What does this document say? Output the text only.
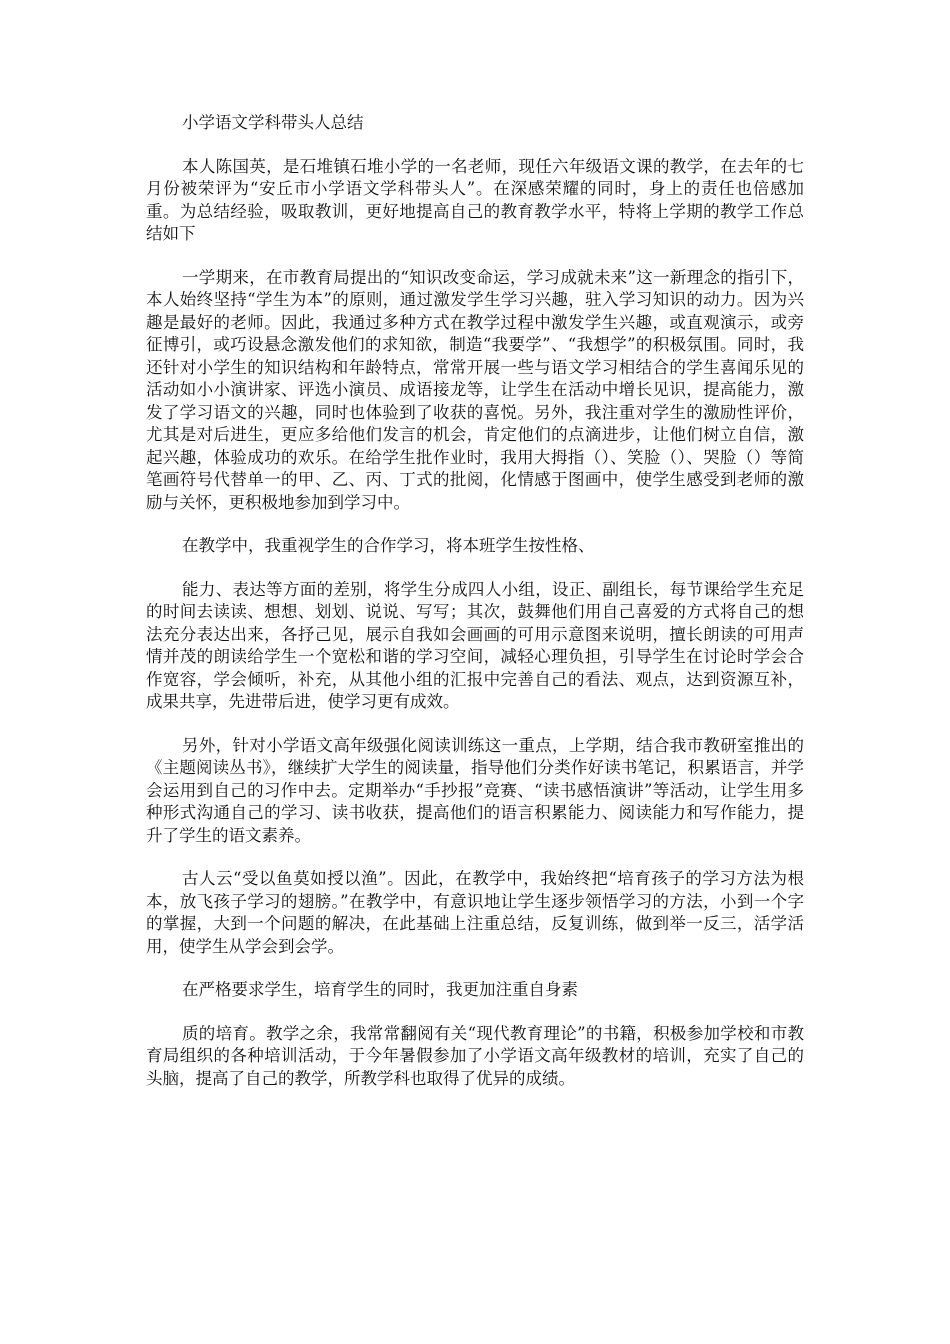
小学语文学科带头人总结

本人陈国英，是石堆镇石堆小学的一名老师，现任六年级语文课的教学，在去年的七月份被荣评为“安丘市小学语文学科带头人”。在深感荣耀的同时，身上的责任也倍感加重。为总结经验，吸取教训，更好地提高自己的教育教学水平，特将上学期的教学工作总结如下

一学期来，在市教育局提出的“知识改变命运，学习成就未来”这一新理念的指引下，本人始终坚持“学生为本”的原则，通过激发学生学习兴趣，驻入学习知识的动力。因为兴趣是最好的老师。因此，我通过多种方式在教学过程中激发学生兴趣，或直观演示，或旁征博引，或巧设悬念激发他们的求知欲，制造“我要学”、“我想学”的积极氛围。同时，我还针对小学生的知识结构和年龄特点，常常开展一些与语文学习相结合的学生喜闻乐见的活动如小小演讲家、评选小演员、成语接龙等，让学生在活动中增长见识，提高能力，激发了学习语文的兴趣，同时也体验到了收获的喜悦。另外，我注重对学生的激励性评价，尤其是对后进生，更应多给他们发言的机会，肯定他们的点滴进步，让他们树立自信，激起兴趣，体验成功的欢乐。在给学生批作业时，我用大拇指（）、笑脸（）、哭脸（）等简笔画符号代替单一的甲、乙、丙、丁式的批阅，化情感于图画中，使学生感受到老师的激励与关怀，更积极地参加到学习中。

在教学中，我重视学生的合作学习，将本班学生按性格、

能力、表达等方面的差别，将学生分成四人小组，设正、副组长，每节课给学生充足的时间去读读、想想、划划、说说、写写；其次，鼓舞他们用自己喜爱的方式将自己的想法充分表达出来，各抒己见，展示自我如会画画的可用示意图来说明，擅长朗读的可用声情并茂的朗读给学生一个宽松和谐的学习空间，减轻心理负担，引导学生在讨论时学会合作宽容，学会倾听，补充，从其他小组的汇报中完善自己的看法、观点，达到资源互补，成果共享，先进带后进，使学习更有成效。

另外，针对小学语文高年级强化阅读训练这一重点，上学期，结合我市教研室推出的《主题阅读丛书》，继续扩大学生的阅读量，指导他们分类作好读书笔记，积累语言，并学会运用到自己的习作中去。定期举办“手抄报”竞赛、“读书感悟演讲”等活动，让学生用多种形式沟通自己的学习、读书收获，提高他们的语言积累能力、阅读能力和写作能力，提升了学生的语文素养。

古人云“受以鱼莫如授以渔”。因此，在教学中，我始终把“培育孩子的学习方法为根本，放飞孩子学习的翅膀。”在教学中，有意识地让学生逐步领悟学习的方法，小到一个字的掌握，大到一个问题的解决，在此基础上注重总结，反复训练，做到举一反三，活学活用，使学生从学会到会学。

在严格要求学生，培育学生的同时，我更加注重自身素

质的培育。教学之余，我常常翻阅有关“现代教育理论”的书籍，积极参加学校和市教育局组织的各种培训活动，于今年暑假参加了小学语文高年级教材的培训，充实了自己的头脑，提高了自己的教学，所教学科也取得了优异的成绩。
